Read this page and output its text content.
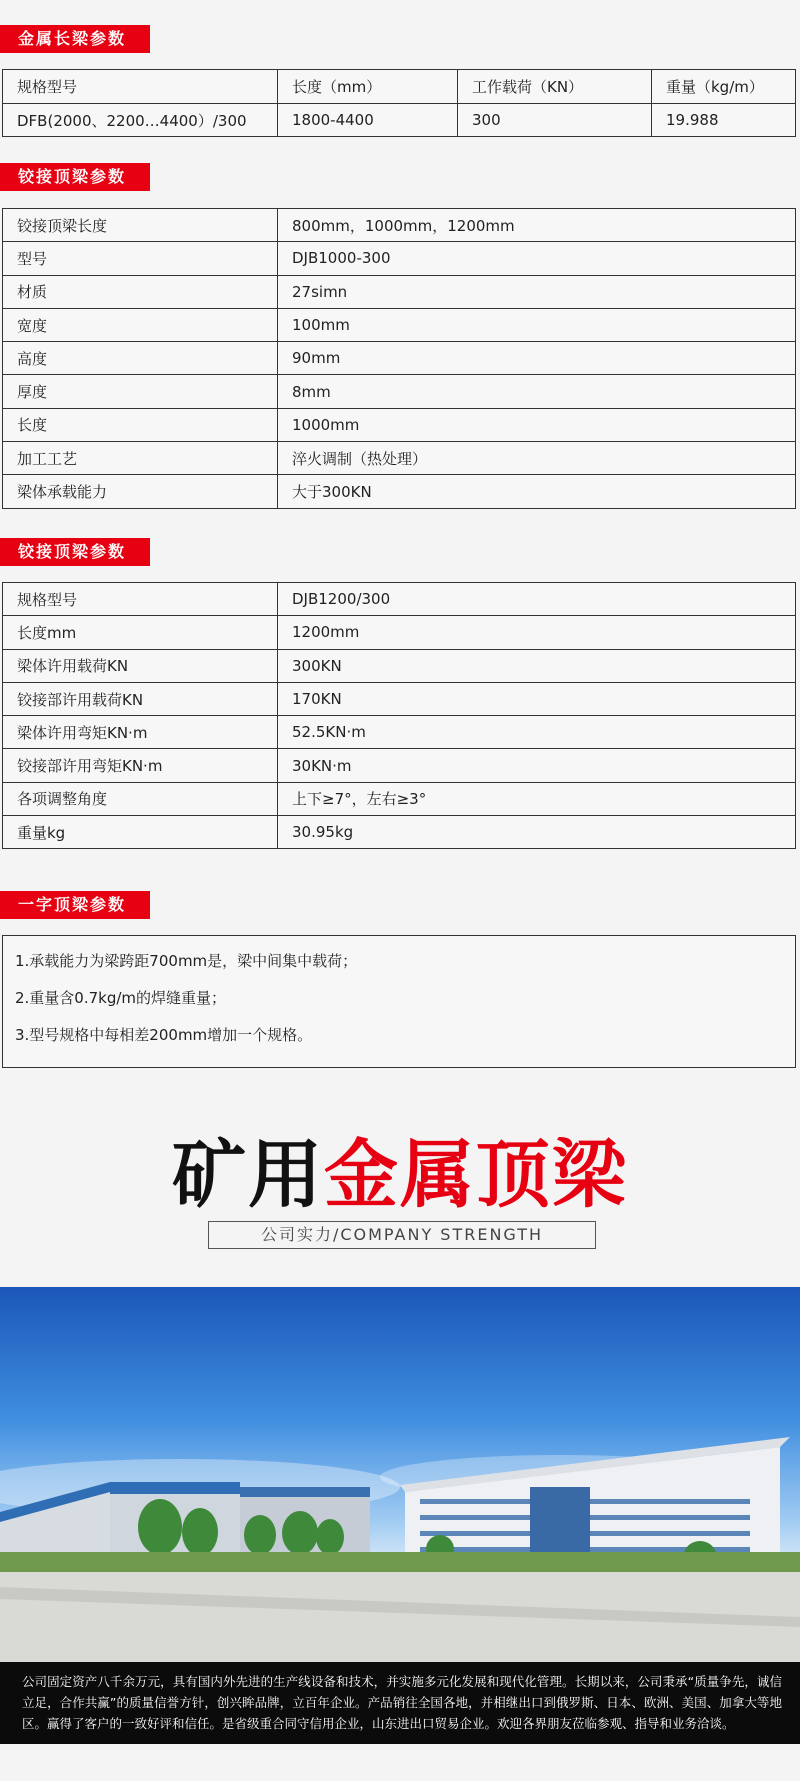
金属长梁参数
规格型号	长度（mm）	工作载荷（KN）	重量（kg/m）
DFB(2000、2200…4400）/300	1800-4400	300	19.988
铰接顶梁参数
铰接顶梁长度	800mm，1000mm，1200mm
型号	DJB1000-300
材质	27simn
宽度	100mm
高度	90mm
厚度	8mm
长度	1000mm
加工工艺	淬火调制（热处理）
梁体承载能力	大于300KN
铰接顶梁参数
规格型号	DJB1200/300
长度mm	1200mm
梁体许用载荷KN	300KN
铰接部许用载荷KN	170KN
梁体许用弯矩KN·m	52.5KN·m
铰接部许用弯矩KN·m	30KN·m
各项调整角度	上下≥7°，左右≥3°
重量kg	30.95kg
一字顶梁参数
1.承载能力为梁跨距700mm是，梁中间集中载荷；
2.重量含0.7kg/m的焊缝重量；
3.型号规格中每相差200mm增加一个规格。
矿用金属顶梁
公司实力/COMPANY STRENGTH
公司固定资产八千余万元，具有国内外先进的生产线设备和技术，并实施多元化发展和现代化管理。长期以来，公司秉承“质量争先，诚信立足，合作共赢”的质量信誉方针，创兴眸品牌，立百年企业。产品销往全国各地，并相继出口到俄罗斯、日本、欧洲、美国、加拿大等地区。赢得了客户的一致好评和信任。是省级重合同守信用企业，山东进出口贸易企业。欢迎各界朋友莅临参观、指导和业务洽谈。
